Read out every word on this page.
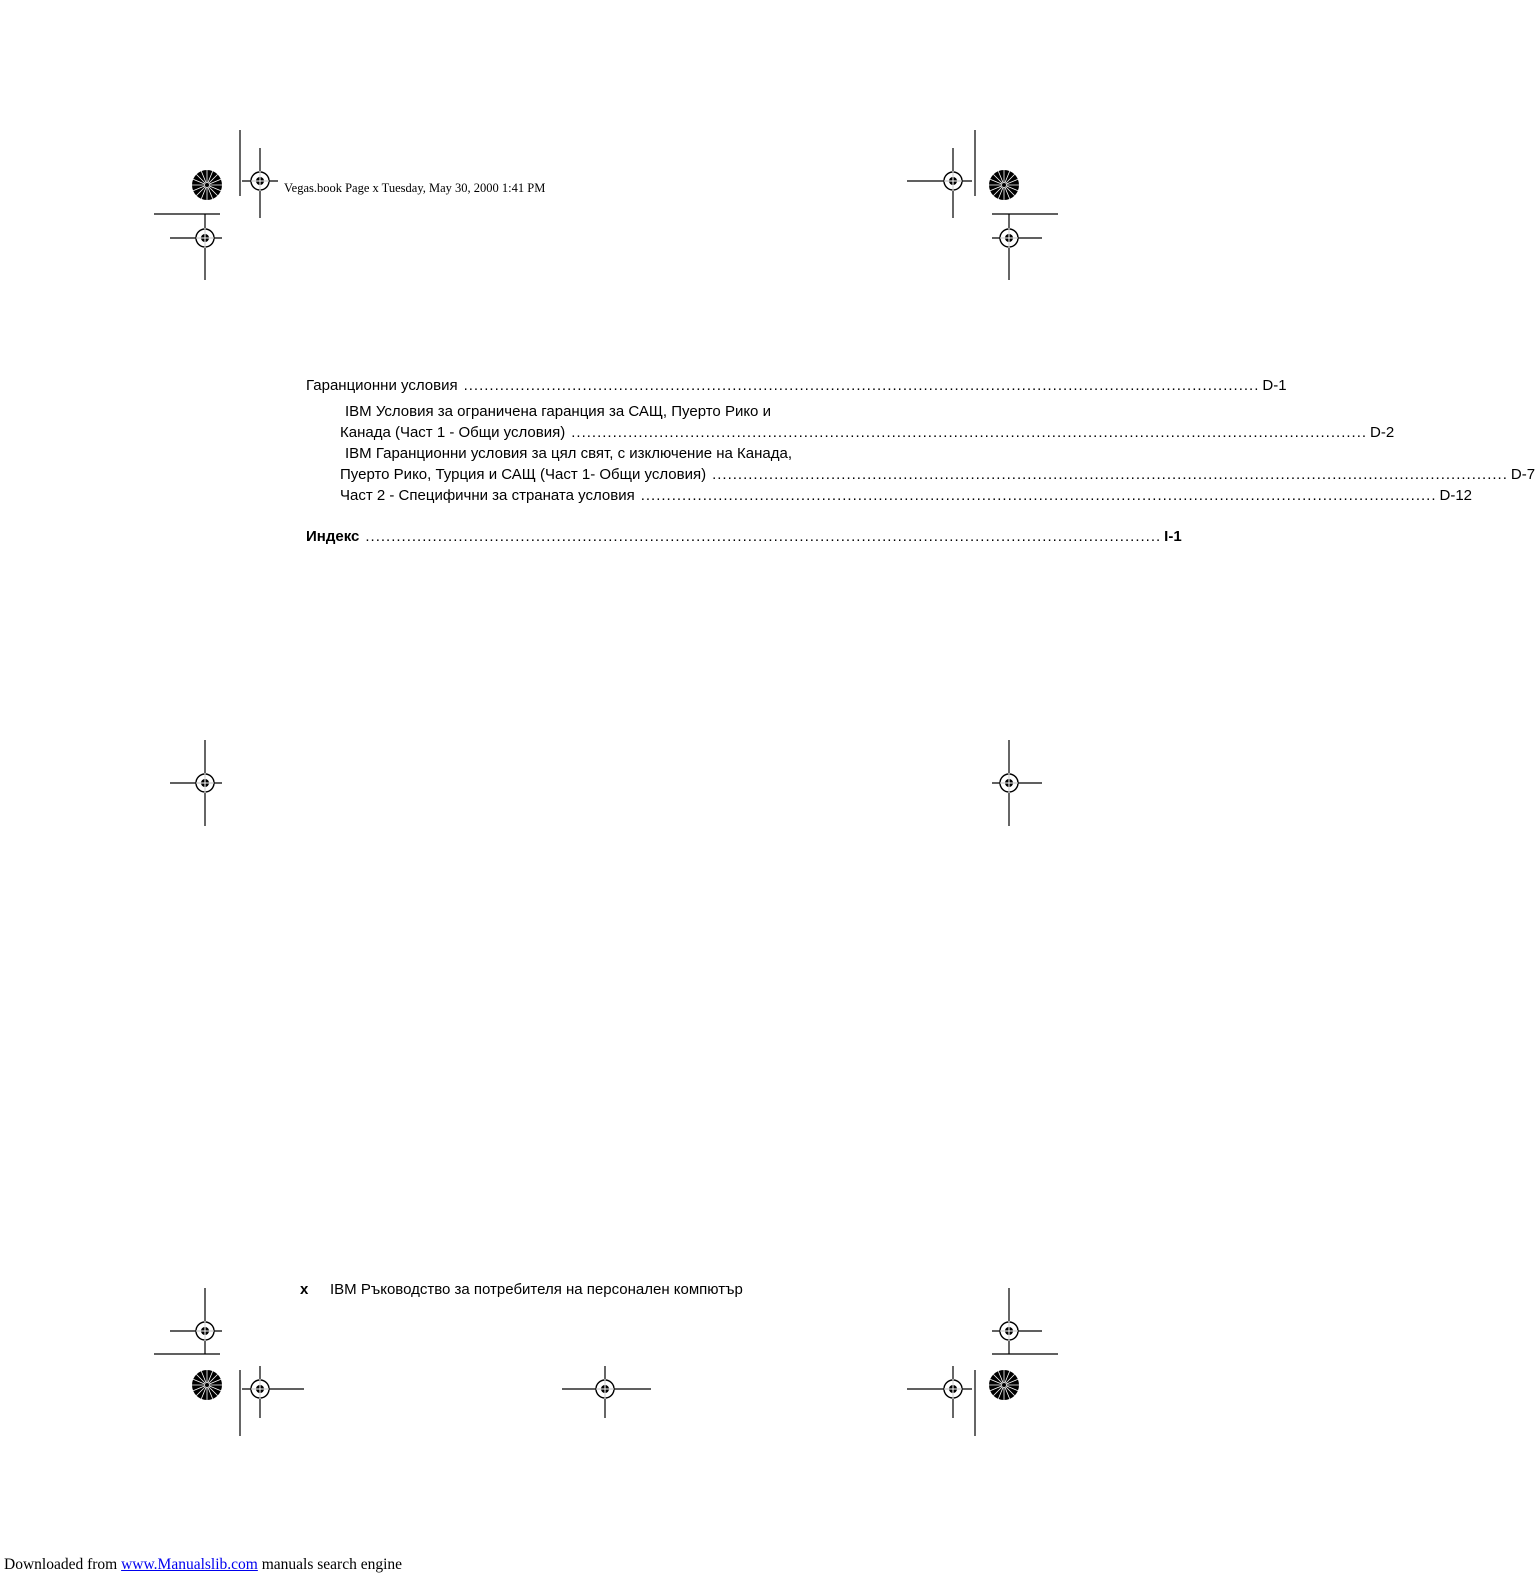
Vegas.book Page x Tuesday, May 30, 2000 1:41 PM
Гаранционни условия .......................................................................................................................................................... D-1
IBM Условия за ограничена гаранция за САЩ, Пуерто Рико и
Канада (Част 1 - Общи условия) .......................................................................................................................................................... D-2
IBM Гаранционни условия за цял свят, с изключение на Канада,
Пуерто Рико, Турция и САЩ (Част 1- Общи условия) .......................................................................................................................................................... D-7
Част 2 - Специфични за страната условия .......................................................................................................................................................... D-12
Индекс .......................................................................................................................................................... I-1
x IBM Ръководство за потребителя на персонален компютър
Downloaded from www.Manualslib.com manuals search engine
